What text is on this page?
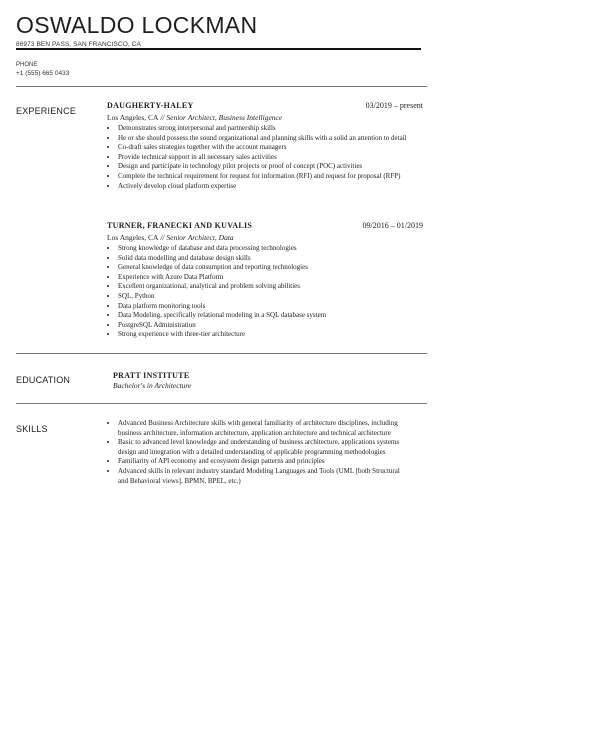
OSWALDO LOCKMAN
86973 BEN PASS, SAN FRANCISCO, CA
PHONE
+1 (555) 665 0433
EXPERIENCE
DAUGHERTY-HALEY	03/2019 – present
Los Angeles, CA // Senior Architect, Business Intelligence
• Demonstrates strong interpersonal and partnership skills
• He or she should possess the sound organizational and planning skills with a solid an attention to detail
• Co-draft sales strategies together with the account managers
• Provide technical support in all necessary sales activities
• Design and participate in technology pilot projects or proof of concept (POC) activities
• Complete the technical requirement for request for information (RFI) and request for proposal (RFP)
• Actively develop cloud platform expertise
TURNER, FRANECKI AND KUVALIS	09/2016 – 01/2019
Los Angeles, CA // Senior Architect, Data
• Strong knowledge of database and data processing technologies
• Solid data modelling and database design skills
• General knowledge of data consumption and reporting technologies
• Experience with Azure Data Platform
• Excellent organizational, analytical and problem solving abilities
• SQL, Python
• Data platform monitoring tools
• Data Modeling, specifically relational modeling in a SQL database system
• PostgreSQL Administration
• Strong experience with three-tier architecture
EDUCATION	PRATT INSTITUTE
Bachelor's in Architecture
SKILLS
• Advanced Business Architecture skills with general familiarity of architecture disciplines, including business architecture, information architecture, application architecture and technical architecture
• Basic to advanced level knowledge and understanding of business architecture, applications systems design and integration with a detailed understanding of applicable programming methodologies
• Familiarity of API economy and ecosystem design patterns and principles
• Advanced skills in relevant industry standard Modeling Languages and Tools (UML [both Structural and Behavioral views], BPMN, BPEL, etc.)
